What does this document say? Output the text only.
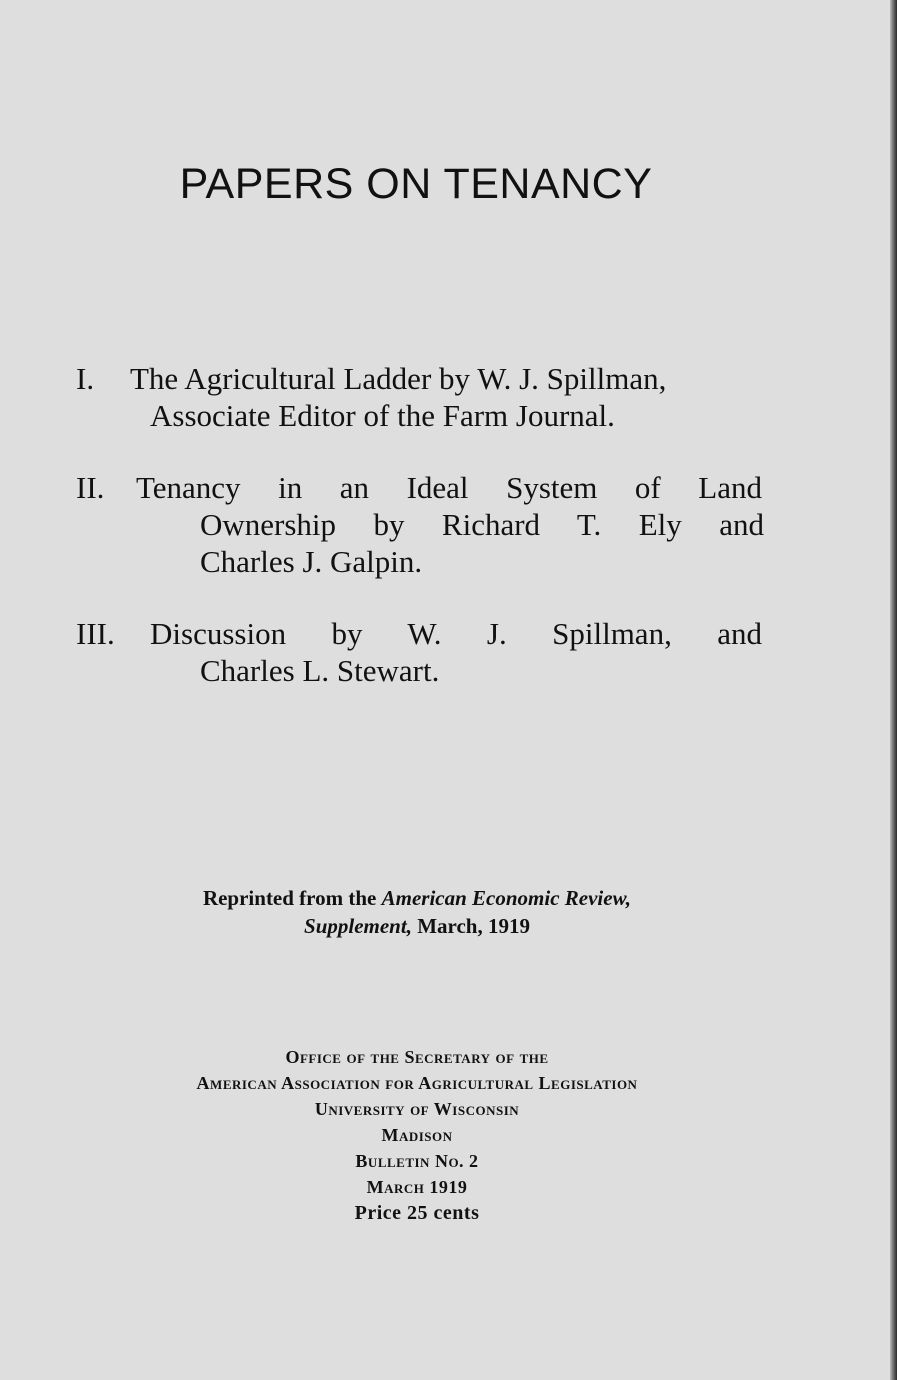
PAPERS ON TENANCY
I. The Agricultural Ladder by W. J. Spillman,
Associate Editor of the Farm Journal.
II. Tenancy in an Ideal System of Land
Ownership by Richard T. Ely and
Charles J. Galpin.
III. Discussion by W. J. Spillman, and
Charles L. Stewart.
Reprinted from the American Economic Review,
Supplement, March, 1919
Office of the Secretary of the
American Association for Agricultural Legislation
University of Wisconsin
Madison
Bulletin No. 2
March 1919
Price 25 cents
